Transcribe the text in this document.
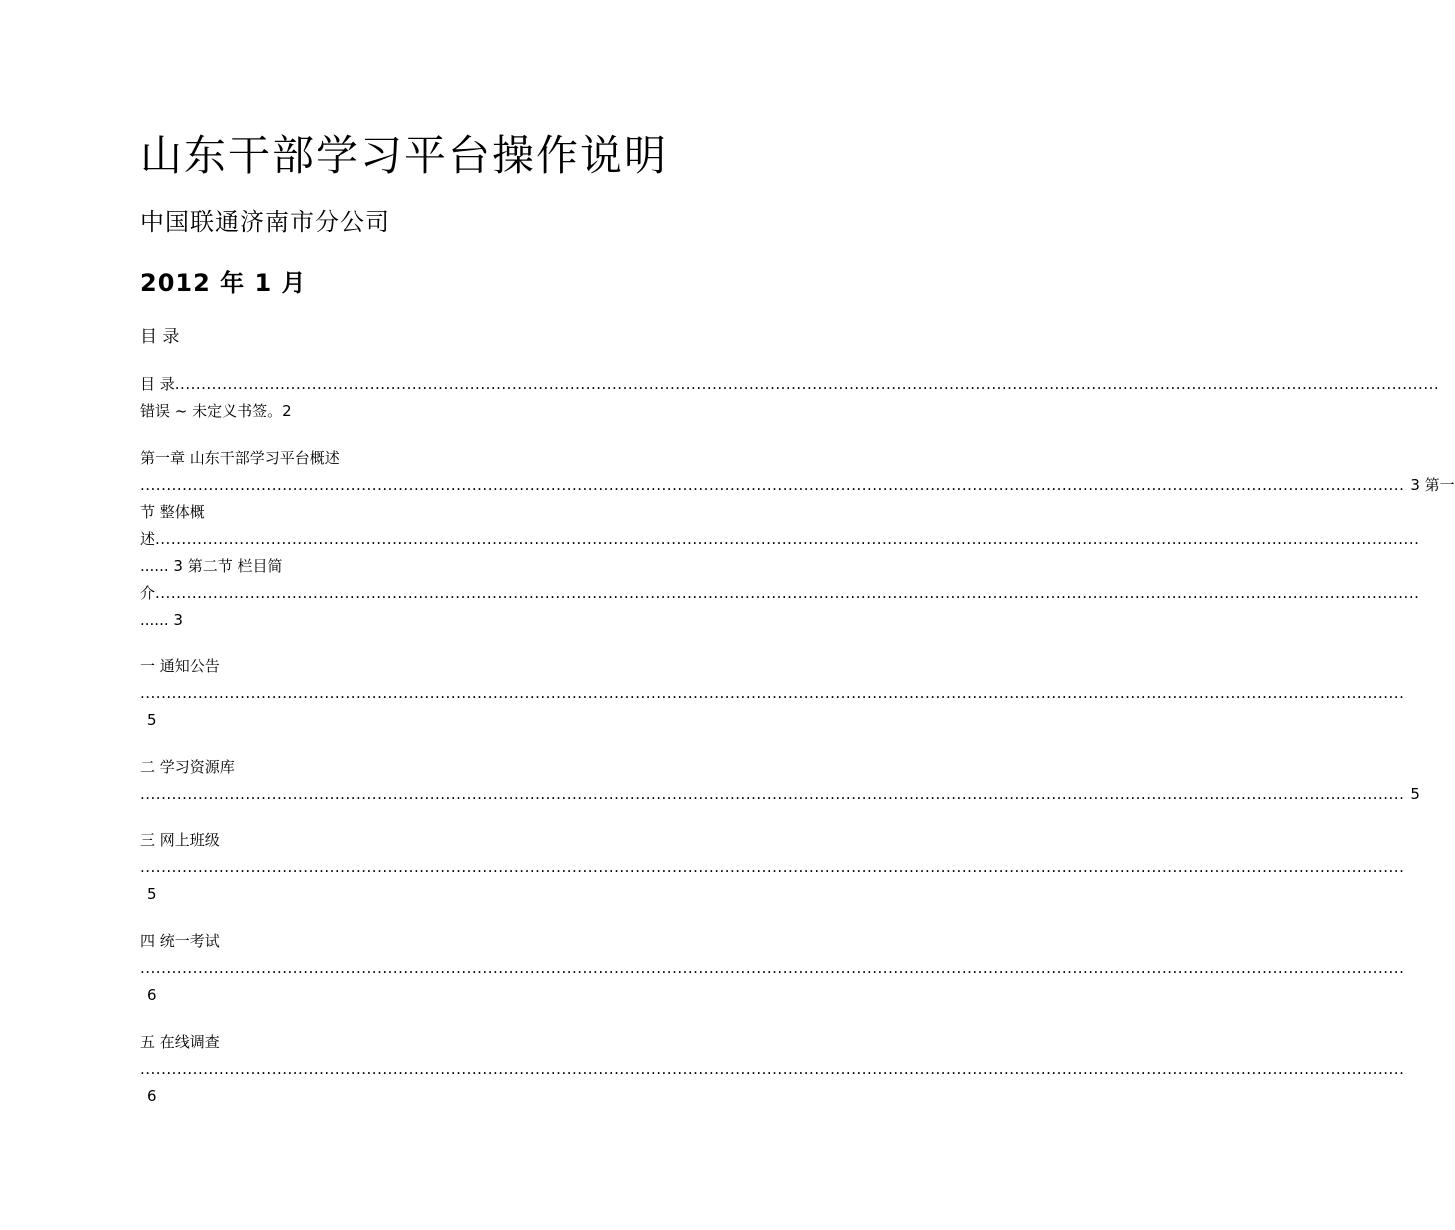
山东干部学习平台操作说明
中国联通济南市分公司
2012 年 1 月
目 录
目 录 ................................................................................................................................................................................................................................................
错误 ~ 未定义书签。2
第一章 山东干部学习平台概述
................................................................................................................................................................................................................................................ 3 第一
节 整体概
述 ................................................................................................................................................................................................................................................
...... 3 第二节 栏目简
介 ................................................................................................................................................................................................................................................
...... 3
一 通知公告
................................................................................................................................................................................................................................................
5
二 学习资源库
................................................................................................................................................................................................................................................ 5
三 网上班级
................................................................................................................................................................................................................................................
5
四 统一考试
................................................................................................................................................................................................................................................
6
五 在线调查
................................................................................................................................................................................................................................................
6
